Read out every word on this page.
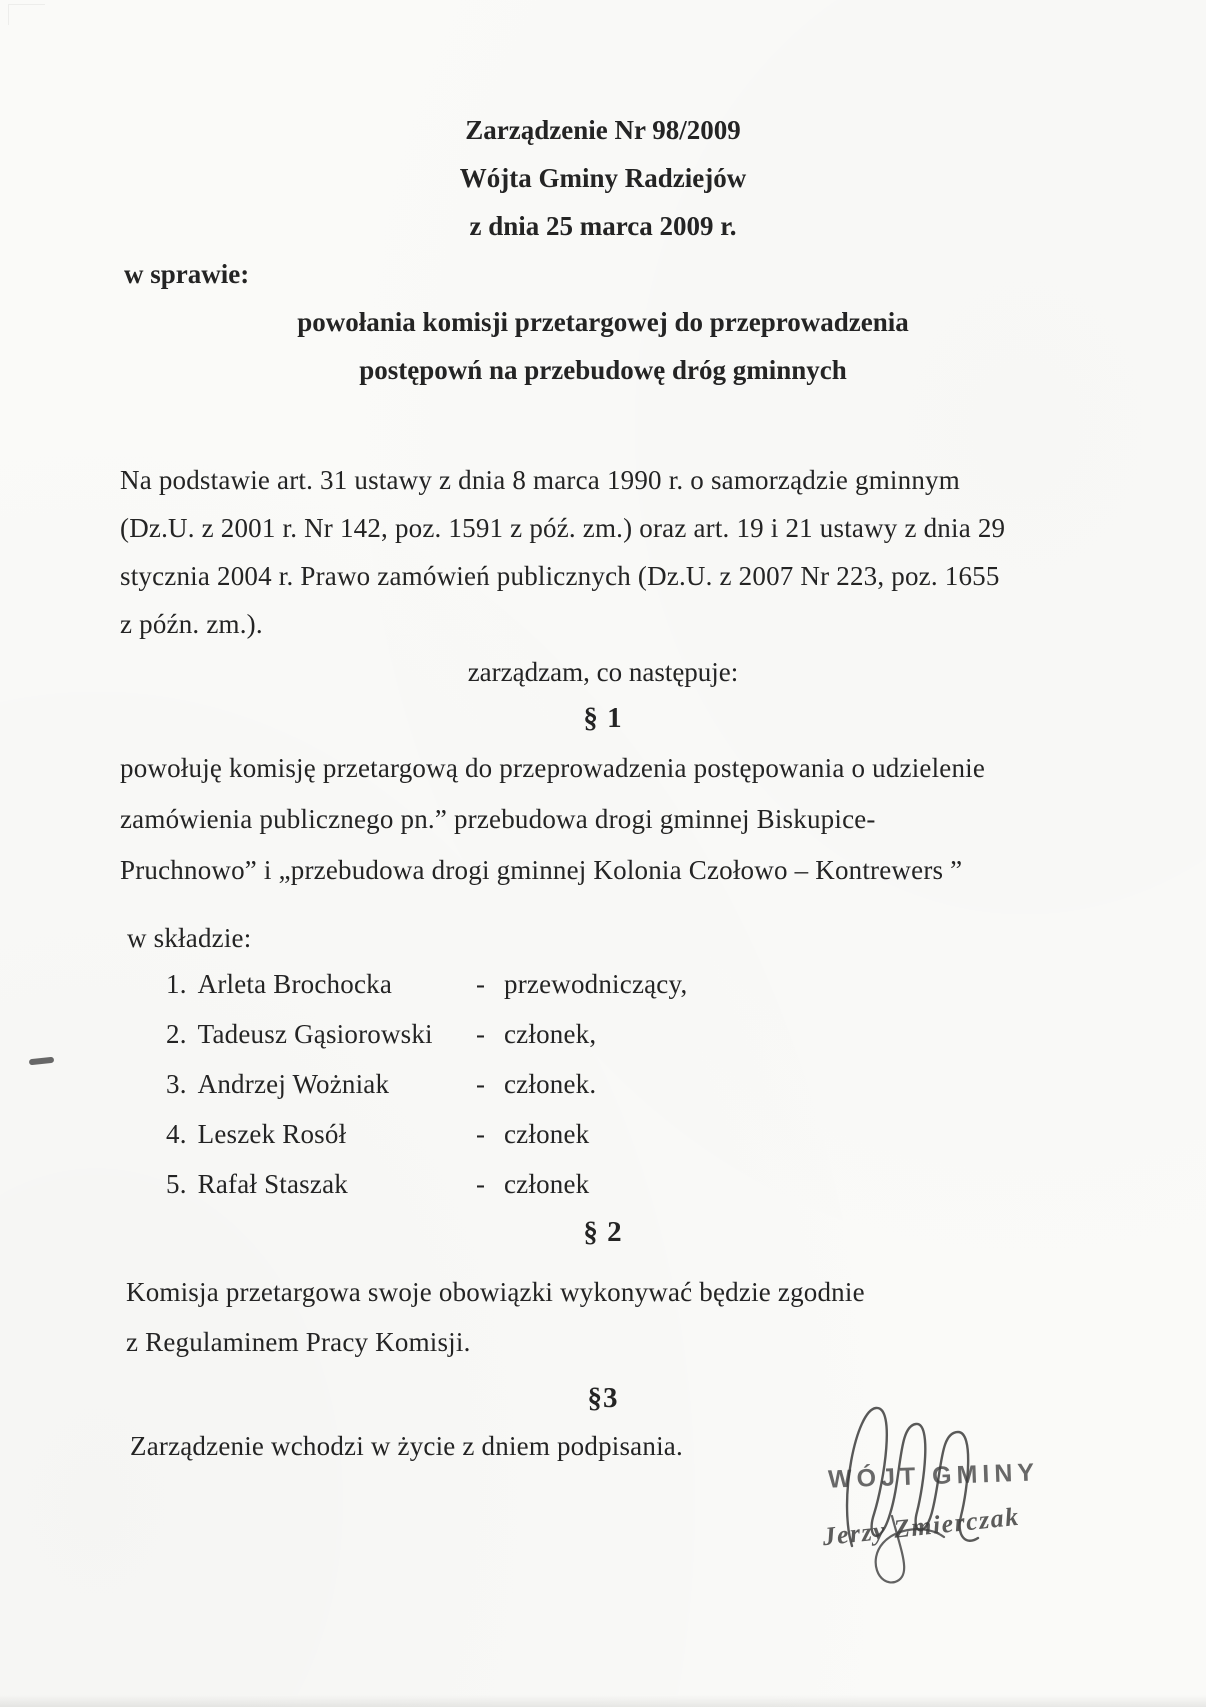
Zarządzenie Nr 98/2009
Wójta Gminy Radziejów
z dnia 25 marca 2009 r.
w sprawie:
powołania komisji przetargowej do przeprowadzenia
postępowń na przebudowę dróg gminnych
Na podstawie art. 31 ustawy z dnia 8 marca 1990 r. o samorządzie gminnym
(Dz.U. z 2001 r. Nr 142, poz. 1591 z póź. zm.) oraz art. 19 i 21 ustawy z dnia 29
stycznia 2004 r. Prawo zamówień publicznych (Dz.U. z 2007 Nr 223, poz. 1655
z późn. zm.).
zarządzam, co następuje:
§ 1
powołuję komisję przetargową do przeprowadzenia postępowania o udzielenie
zamówienia publicznego pn.” przebudowa drogi gminnej Biskupice-
Pruchnowo” i „przebudowa drogi gminnej Kolonia Czołowo – Kontrewers ”
w składzie:
1. Arleta Brochocka	- przewodniczący,
2. Tadeusz Gąsiorowski - członek,
3. Andrzej Wożniak	- członek.
4. Leszek Rosół	- członek
5. Rafał Staszak	- członek
§ 2
Komisja przetargowa swoje obowiązki wykonywać będzie zgodnie
z Regulaminem Pracy Komisji.
§3
Zarządzenie wchodzi w życie z dniem podpisania.
WÓJT GMINY
Jerzy Zmierczak
